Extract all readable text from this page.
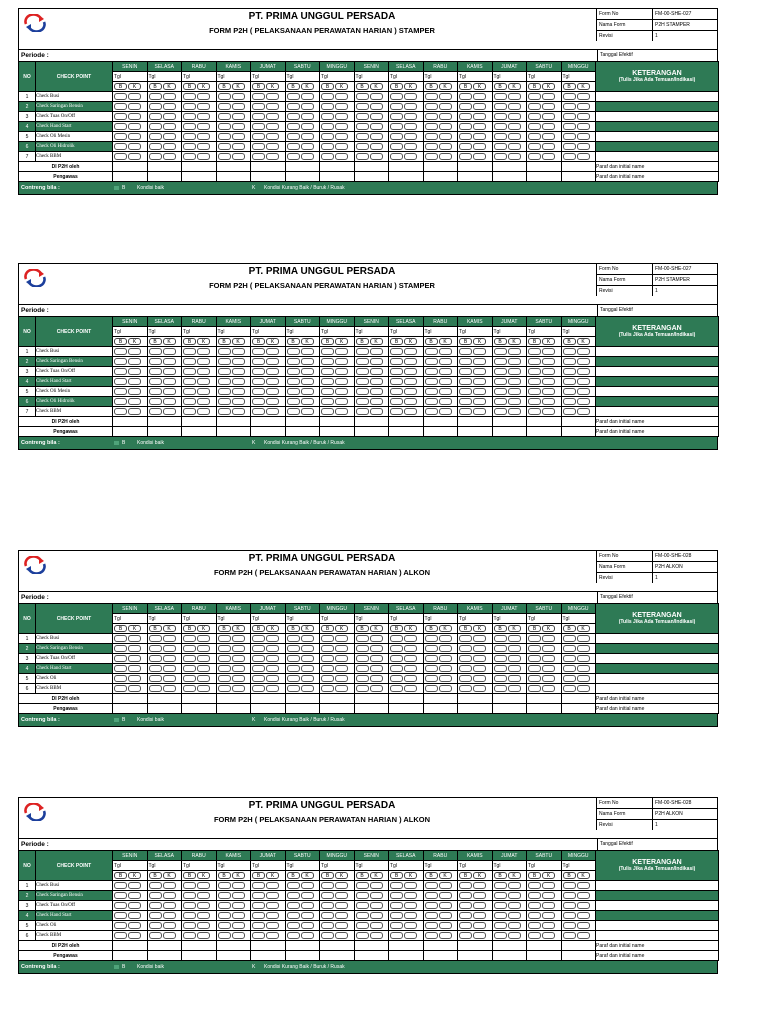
PT. PRIMA UNGGUL PERSADA
FORM P2H ( PELAKSANAAN PERAWATAN HARIAN ) STAMPER
Form No	FM-00-SHE-027
Nama Form	P2H STAMPER
Revisi	1
Periode :	Tanggal Efektif
NO	CHECK POINT	SENIN	SELASA	RABU	KAMIS	JUMAT	SABTU	MINGGU	SENIN	SELASA	RABU	KAMIS	JUMAT	SABTU	MINGGU	KETERANGAN
(Tulis Jika Ada Temuan/Indikasi)

		Tgl	Tgl	Tgl	Tgl	Tgl	Tgl	Tgl	Tgl	Tgl	Tgl	Tgl	Tgl	Tgl	Tgl	

		B K	B K	B K	B K	B K	B K	B K	B K	B K	B K	B K	B K	B K	B K	

1	Check Busi	

2	Check Saringan Bensin	

3	Check Tuas On/Off	

4	Check Hand Start	

5	Check Oli Mesin	

6	Check Oli Hidrolik	

7	Check BBM	

DI P2H oleh																Paraf dan initial name
Pengawas																Paraf dan initial name
Contreng bila :	B Kondisi baik	K Kondisi Kurang Baik / Buruk / Rusak
PT. PRIMA UNGGUL PERSADA
FORM P2H ( PELAKSANAAN PERAWATAN HARIAN ) STAMPER
Form No	FM-00-SHE-027
Nama Form	P2H STAMPER
Revisi	1
Periode :	Tanggal Efektif
NO	CHECK POINT	SENIN	SELASA	RABU	KAMIS	JUMAT	SABTU	MINGGU	SENIN	SELASA	RABU	KAMIS	JUMAT	SABTU	MINGGU	KETERANGAN
(Tulis Jika Ada Temuan/Indikasi)

		Tgl	Tgl	Tgl	Tgl	Tgl	Tgl	Tgl	Tgl	Tgl	Tgl	Tgl	Tgl	Tgl	Tgl	

		B K	B K	B K	B K	B K	B K	B K	B K	B K	B K	B K	B K	B K	B K	

1	Check Busi	

2	Check Saringan Bensin	

3	Check Tuas On/Off	

4	Check Hand Start	

5	Check Oli Mesin	

6	Check Oli Hidrolik	

7	Check BBM	

DI P2H oleh																Paraf dan initial name
Pengawas																Paraf dan initial name
Contreng bila :	B Kondisi baik	K Kondisi Kurang Baik / Buruk / Rusak
PT. PRIMA UNGGUL PERSADA
FORM P2H ( PELAKSANAAN PERAWATAN HARIAN ) ALKON
Form No	FM-00-SHE-028
Nama Form	P2H ALKON
Revisi	1
Periode :	Tanggal Efektif
NO	CHECK POINT	SENIN	SELASA	RABU	KAMIS	JUMAT	SABTU	MINGGU	SENIN	SELASA	RABU	KAMIS	JUMAT	SABTU	MINGGU	KETERANGAN
(Tulis Jika Ada Temuan/Indikasi)

		Tgl	Tgl	Tgl	Tgl	Tgl	Tgl	Tgl	Tgl	Tgl	Tgl	Tgl	Tgl	Tgl	Tgl	

		B K	B K	B K	B K	B K	B K	B K	B K	B K	B K	B K	B K	B K	B K	

1	Check Busi	

2	Check Saringan Bensin	

3	Check Tuas On/Off	

4	Check Hand Start	

5	Check Oli	

6	Check BBM	

DI P2H oleh																Paraf dan initial name
Pengawas																Paraf dan initial name
Contreng bila :	B Kondisi baik	K Kondisi Kurang Baik / Buruk / Rusak
PT. PRIMA UNGGUL PERSADA
FORM P2H ( PELAKSANAAN PERAWATAN HARIAN ) ALKON
Form No	FM-00-SHE-028
Nama Form	P2H ALKON
Revisi	1
Periode :	Tanggal Efektif
NO	CHECK POINT	SENIN	SELASA	RABU	KAMIS	JUMAT	SABTU	MINGGU	SENIN	SELASA	RABU	KAMIS	JUMAT	SABTU	MINGGU	KETERANGAN
(Tulis Jika Ada Temuan/Indikasi)

		Tgl	Tgl	Tgl	Tgl	Tgl	Tgl	Tgl	Tgl	Tgl	Tgl	Tgl	Tgl	Tgl	Tgl	

		B K	B K	B K	B K	B K	B K	B K	B K	B K	B K	B K	B K	B K	B K	

1	Check Busi	

2	Check Saringan Bensin	

3	Check Tuas On/Off	

4	Check Hand Start	

5	Check Oli	

6	Check BBM	

DI P2H oleh																Paraf dan initial name
Pengawas																Paraf dan initial name
Contreng bila :	B Kondisi baik	K Kondisi Kurang Baik / Buruk / Rusak
